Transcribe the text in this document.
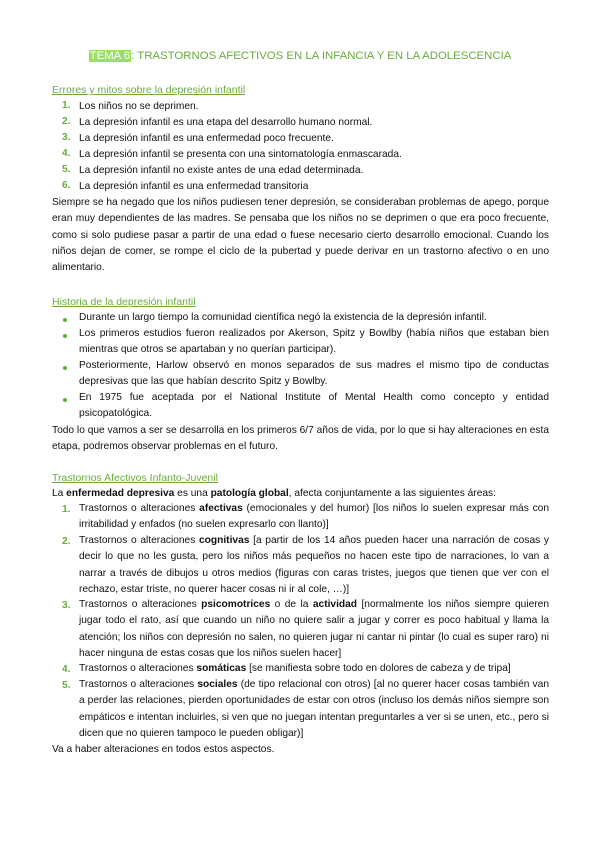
TEMA 6: TRASTORNOS AFECTIVOS EN LA INFANCIA Y EN LA ADOLESCENCIA
Errores y mitos sobre la depresión infantil
1. Los niños no se deprimen.
2. La depresión infantil es una etapa del desarrollo humano normal.
3. La depresión infantil es una enfermedad poco frecuente.
4. La depresión infantil se presenta con una sintomatología enmascarada.
5. La depresión infantil no existe antes de una edad determinada.
6. La depresión infantil es una enfermedad transitoria
Siempre se ha negado que los niños pudiesen tener depresión, se consideraban problemas de apego, porque eran muy dependientes de las madres. Se pensaba que los niños no se deprimen o que era poco frecuente, como si solo pudiese pasar a partir de una edad o fuese necesario cierto desarrollo emocional. Cuando los niños dejan de comer, se rompe el ciclo de la pubertad y puede derivar en un trastorno afectivo o en uno alimentario.
Historia de la depresión infantil
Durante un largo tiempo la comunidad científica negó la existencia de la depresión infantil.
Los primeros estudios fueron realizados por Akerson, Spitz y Bowlby (había niños que estaban bien mientras que otros se apartaban y no querían participar).
Posteriormente, Harlow observó en monos separados de sus madres el mismo tipo de conductas depresivas que las que habían descrito Spitz y Bowlby.
En 1975 fue aceptada por el National Institute of Mental Health como concepto y entidad psicopatológica.
Todo lo que vamos a ser se desarrolla en los primeros 6/7 años de vida, por lo que si hay alteraciones en esta etapa, podremos observar problemas en el futuro.
Trastornos Afectivos Infanto-Juvenil
La enfermedad depresiva es una patología global, afecta conjuntamente a las siguientes áreas:
1. Trastornos o alteraciones afectivas (emocionales y del humor) [los niños lo suelen expresar más con irritabilidad y enfados (no suelen expresarlo con llanto)]
2. Trastornos o alteraciones cognitivas [a partir de los 14 años pueden hacer una narración de cosas y decir lo que no les gusta, pero los niños más pequeños no hacen este tipo de narraciones, lo van a narrar a través de dibujos u otros medios (figuras con caras tristes, juegos que tienen que ver con el rechazo, estar triste, no querer hacer cosas ni ir al cole, …)]
3. Trastornos o alteraciones psicomotrices o de la actividad [normalmente los niños siempre quieren jugar todo el rato, así que cuando un niño no quiere salir a jugar y correr es poco habitual y llama la atención; los niños con depresión no salen, no quieren jugar ni cantar ni pintar (lo cual es super raro) ni hacer ninguna de estas cosas que los niños suelen hacer]
4. Trastornos o alteraciones somáticas [se manifiesta sobre todo en dolores de cabeza y de tripa]
5. Trastornos o alteraciones sociales (de tipo relacional con otros) [al no querer hacer cosas también van a perder las relaciones, pierden oportunidades de estar con otros (incluso los demás niños siempre son empáticos e intentan incluirles, si ven que no juegan intentan preguntarles a ver si se unen, etc., pero si dicen que no quieren tampoco le pueden obligar)]
Va a haber alteraciones en todos estos aspectos.
